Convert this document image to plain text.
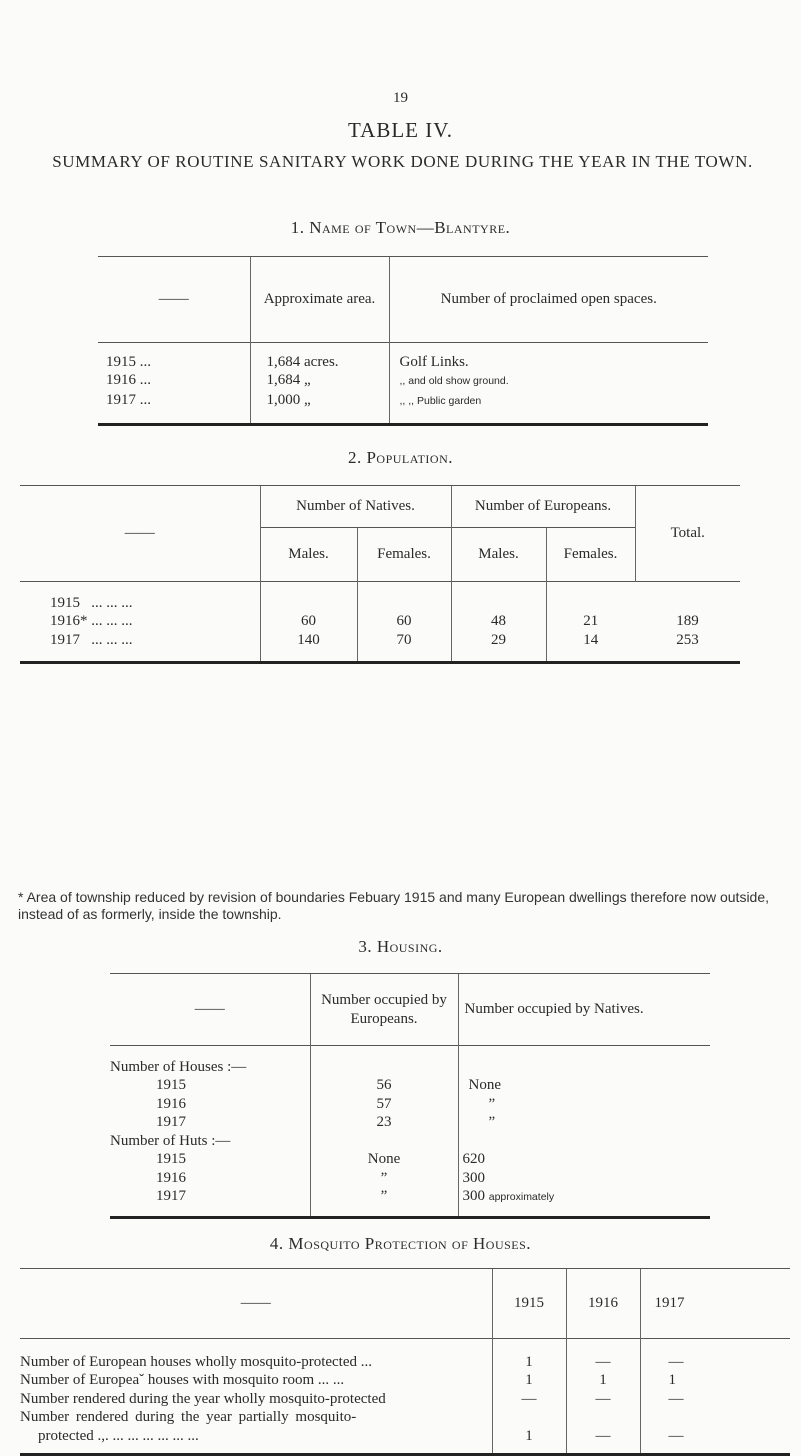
19
TABLE IV.
SUMMARY OF ROUTINE SANITARY WORK DONE DURING THE YEAR IN THE TOWN.
1. Name of Town—Blantyre.
——	Approximate area.	Number of proclaimed open spaces.

1915 ...	1,684 acres.	Golf Links.
1916 ...	1,684 „	,, and old show ground.
1917 ...	1,000 „	,, ,, Public garden
2. Population.
——	Number of Natives.		Number of Europeans.		Total.
	Males.	Females.	Males.	Females.	

1915 ... ... ...					
1916* ... ... ...	60	60	48	21	189
1917 ... ... ...	140	70	29	14	253
* Area of township reduced by revision of boundaries Febuary 1915 and many European dwellings therefore now outside, instead of as formerly, inside the township.
3. Housing.
——	Number occupied by Europeans.	Number occupied by Natives.

Number of Houses :—		
1915	56	None
1916	57	”
1917	23	”
Number of Huts :—		
1915	None	620
1916	”	300
1917	”	300 approximately
4. Mosquito Protection of Houses.
——	1915	1916	1917

Number of European houses wholly mosquito-protected ...	1	—	—
Number of Europeaˇ houses with mosquito room ... ...	1	1	1
Number rendered during the year wholly mosquito-protected	—	—	—
Number rendered during the year partially mosquito-			
protected .,. ... ... ... ... ... ...	1	—	—
